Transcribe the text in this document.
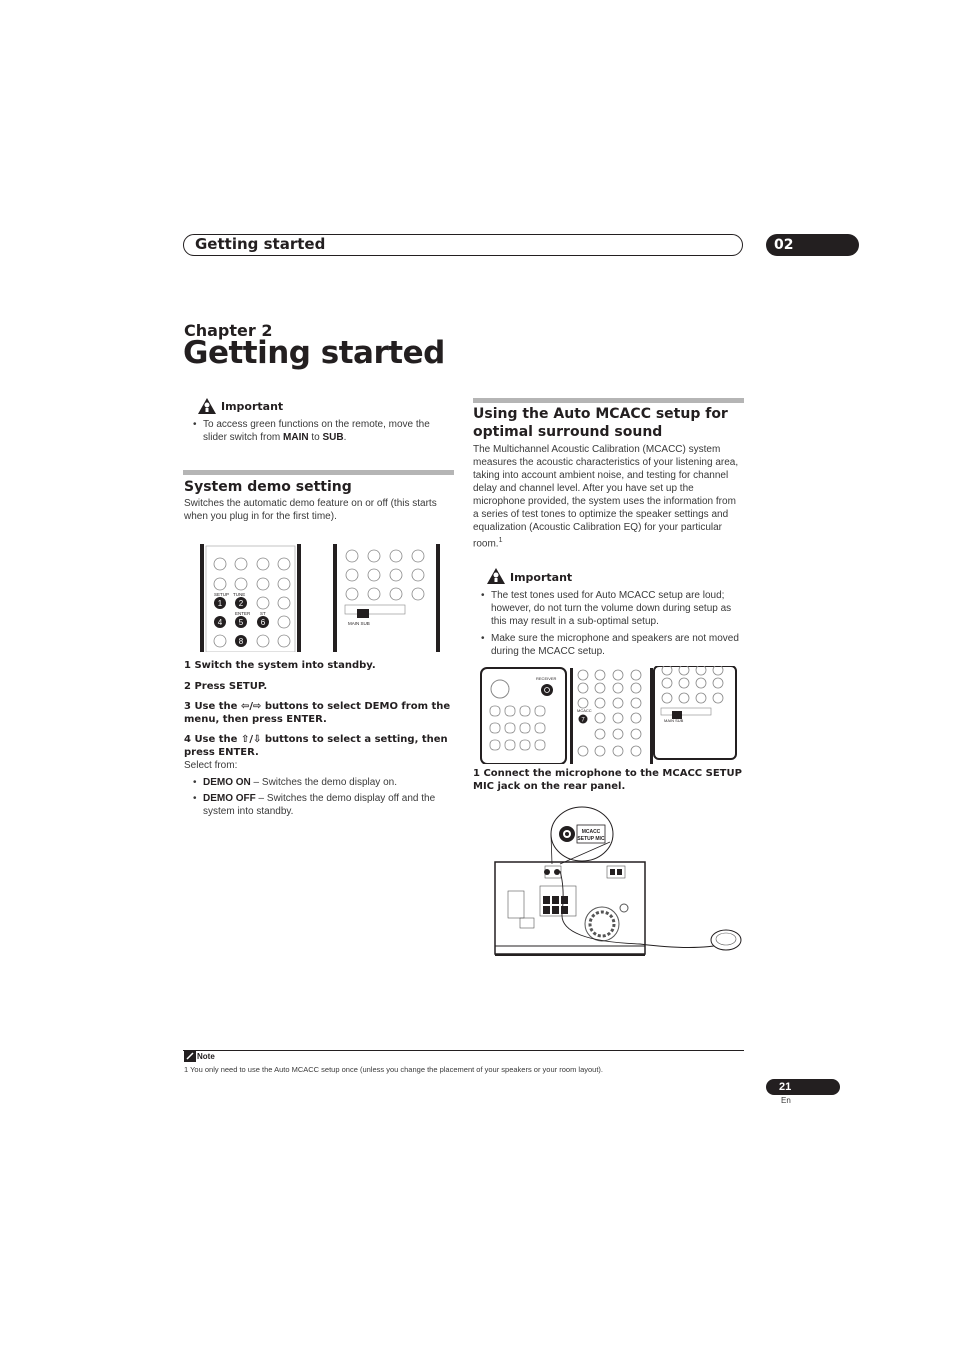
Getting started	02
Chapter 2
Getting started
Important
• To access green functions on the remote, move the slider switch from MAIN to SUB.
System demo setting
Switches the automatic demo feature on or off (this starts when you plug in for the first time).
1 2
4 5 6
8
SETUP TUNE
ENTER ST
MAIN SUB
1 Switch the system into standby.
2 Press SETUP.
3 Use the ⇦/⇨ buttons to select DEMO from the menu, then press ENTER.
4 Use the ⇧/⇩ buttons to select a setting, then press ENTER.
Select from:
• DEMO ON – Switches the demo display on.
• DEMO OFF – Switches the demo display off and the system into standby.
Using the Auto MCACC setup for optimal surround sound
The Multichannel Acoustic Calibration (MCACC) system measures the acoustic characteristics of your listening area, taking into account ambient noise, and testing for channel delay and channel level. After you have set up the microphone provided, the system uses the information from a series of test tones to optimize the speaker settings and equalization (Acoustic Calibration EQ) for your particular room.$^1$
Important
• The test tones used for Auto MCACC setup are loud; however, do not turn the volume down during setup as this may result in a sub-optimal setup.
• Make sure the microphone and speakers are not moved during the MCACC setup.
RECEIVER
7
MCACC
MAIN SUB
1 Connect the microphone to the MCACC SETUP MIC jack on the rear panel.
MCACC
SETUP MIC
Note
1 You only need to use the Auto MCACC setup once (unless you change the placement of your speakers or your room layout).
21
En
